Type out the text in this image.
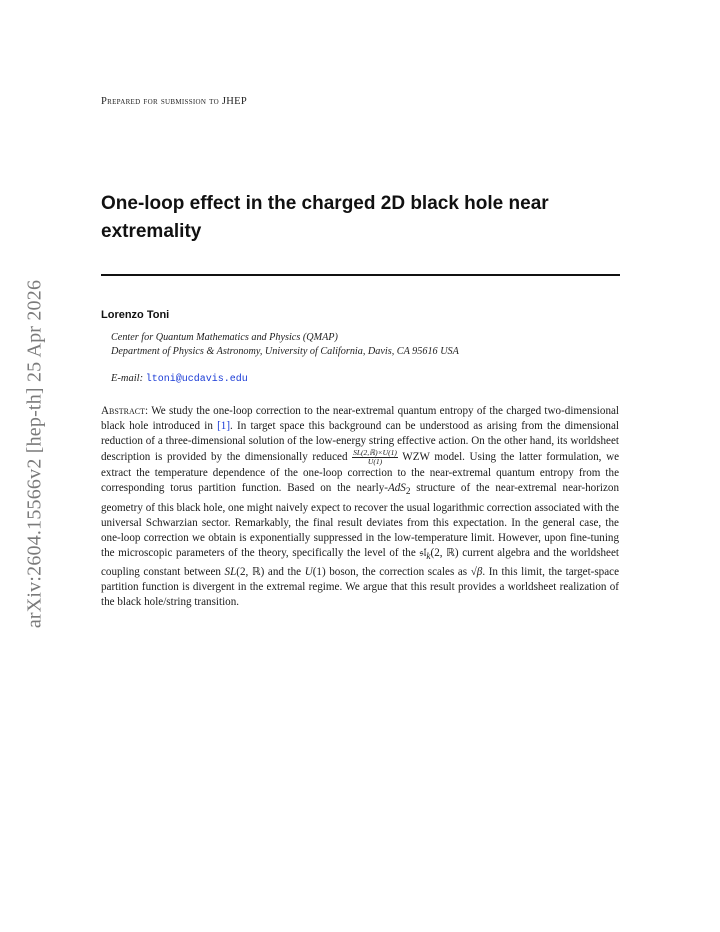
arXiv:2604.15566v2 [hep-th] 25 Apr 2026
Prepared for submission to JHEP
One-loop effect in the charged 2D black hole near extremality
Lorenzo Toni
Center for Quantum Mathematics and Physics (QMAP)
Department of Physics & Astronomy, University of California, Davis, CA 95616 USA
E-mail: ltoni@ucdavis.edu
Abstract: We study the one-loop correction to the near-extremal quantum entropy of the charged two-dimensional black hole introduced in [1]. In target space this background can be understood as arising from the dimensional reduction of a three-dimensional solution of the low-energy string effective action. On the other hand, its worldsheet description is provided by the dimensionally reduced $\frac{\text{SL(2,ℝ)×U(1)}}{U(1)}$ WZW model. Using the latter formulation, we extract the temperature dependence of the one-loop correction to the near-extremal quantum entropy from the corresponding torus partition function. Based on the nearly-AdS$_2$ structure of the near-extremal near-horizon geometry of this black hole, one might naively expect to recover the usual logarithmic correction associated with the universal Schwarzian sector. Remarkably, the final result deviates from this expectation. In the general case, the one-loop correction we obtain is exponentially suppressed in the low-temperature limit. However, upon fine-tuning the microscopic parameters of the theory, specifically the level of the 𝔰𝔩$_k$(2, ℝ) current algebra and the worldsheet coupling constant between SL(2, ℝ) and the U(1) boson, the correction scales as √β. In this limit, the target-space partition function is divergent in the extremal regime. We argue that this result provides a worldsheet realization of the black hole/string transition.
